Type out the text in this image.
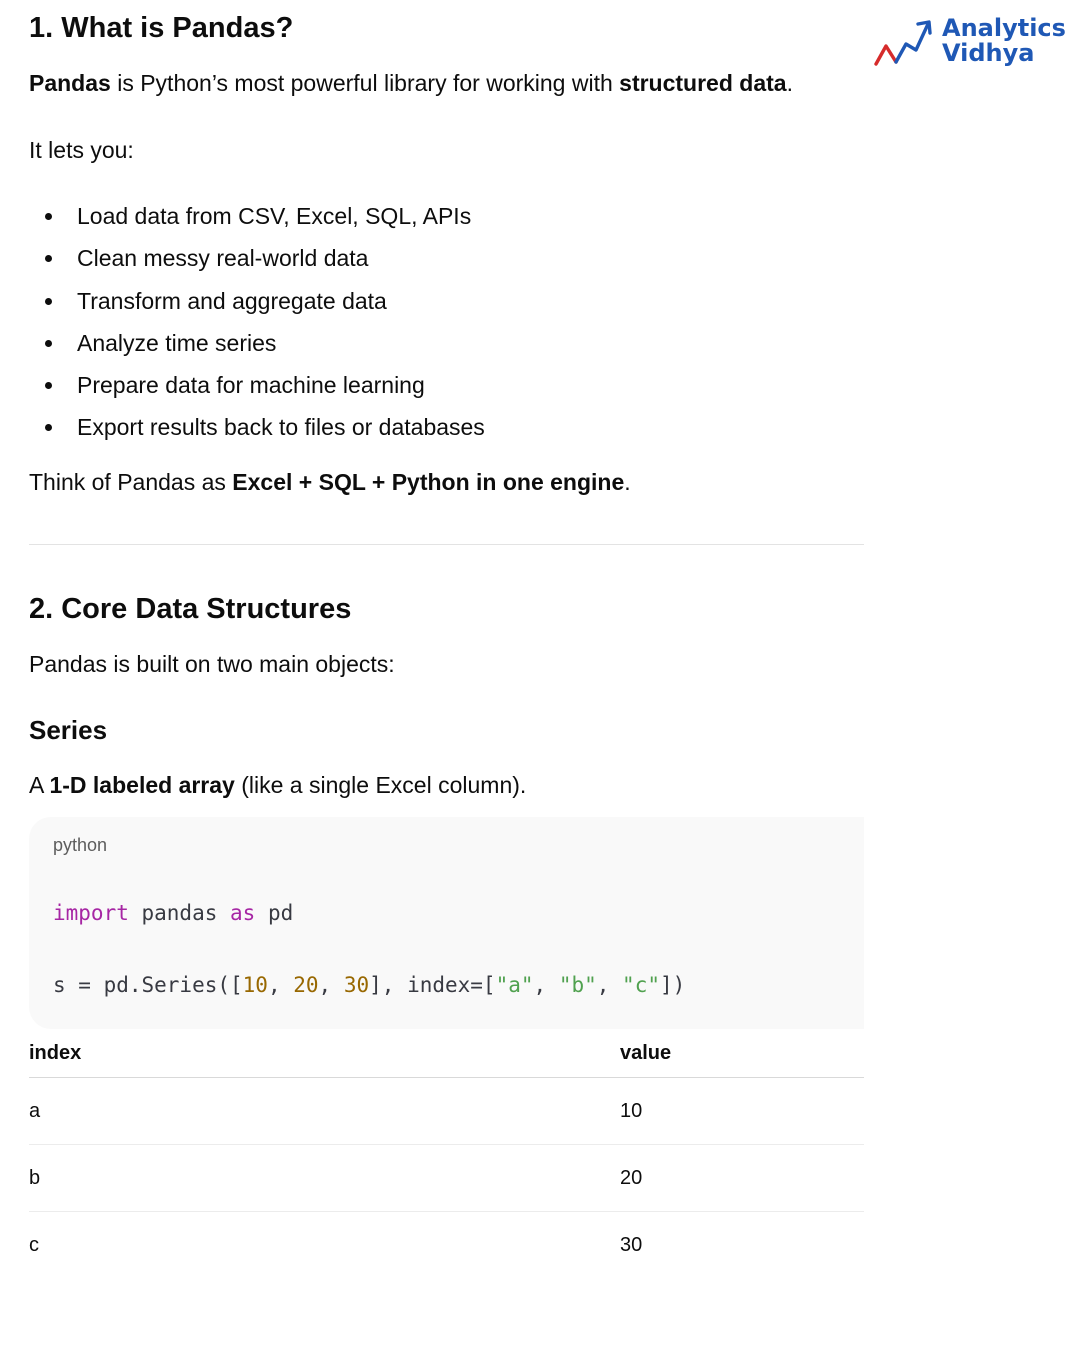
1. What is Pandas?

Pandas is Python’s most powerful library for working with structured data.

It lets you:

Load data from CSV, Excel, SQL, APIs
Clean messy real-world data
Transform and aggregate data
Analyze time series
Prepare data for machine learning
Export results back to files or databases

Think of Pandas as Excel + SQL + Python in one engine.

2. Core Data Structures

Pandas is built on two main objects:

Series

A 1-D labeled array (like a single Excel column).

python
import pandas as pd
s = pd.Series([10, 20, 30], index=["a", "b", "c"])
index	value
a	10
b	20
c	30
Analytics
Vidhya
